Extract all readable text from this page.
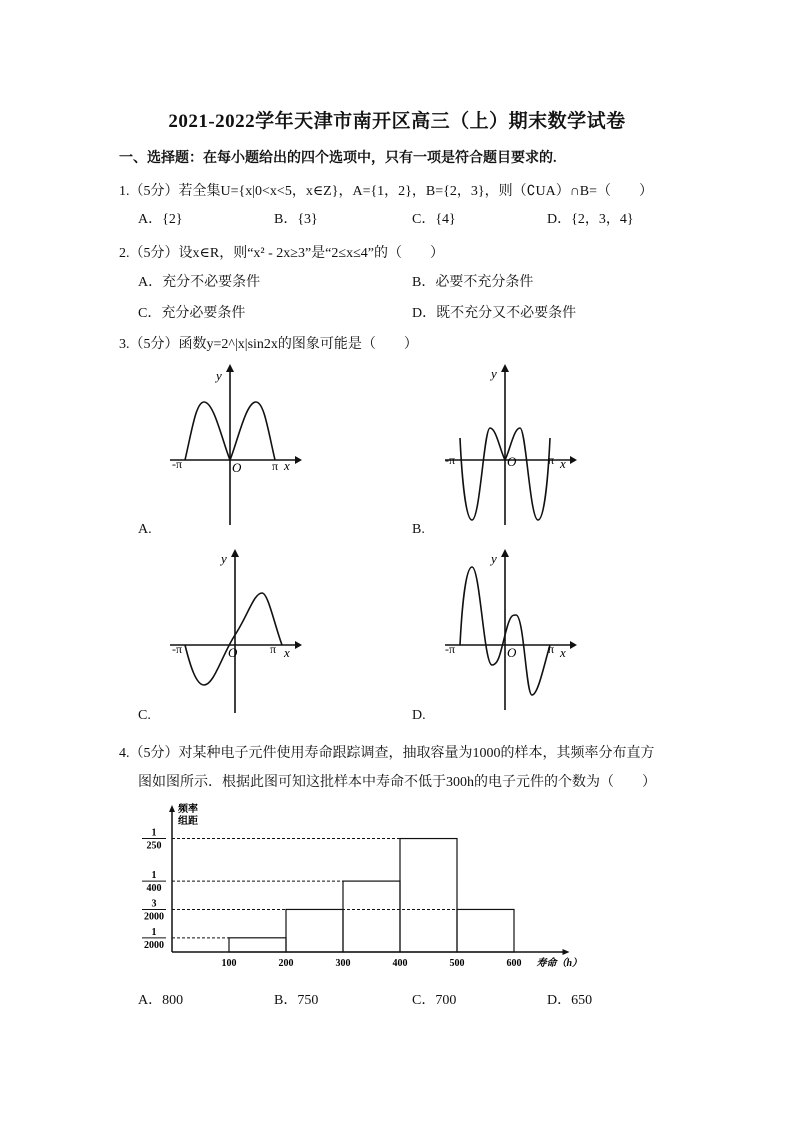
2021-2022学年天津市南开区高三（上）期末数学试卷
一、选择题：在每小题给出的四个选项中，只有一项是符合题目要求的.
1.（5分）若全集U={x|0<x<5，x∈Z}，A={1，2}，B={2，3}，则（∁UA）∩B=（　　）
A．{2}	B．{3}	C．{4}	D．{2，3，4}
2.（5分）设x∈R，则“x² - 2x≥3”是“2≤x≤4”的（　　）
A．充分不必要条件	B．必要不充分条件
C．充分必要条件	D．既不充分又不必要条件
3.（5分）函数y=2^|x|sin2x的图象可能是（　　）
y
-π	O	π x
A.
y
-π	O	π x
B.
y
-π	O	π x
C.
y
-π	O	π x
D.
4.（5分）对某种电子元件使用寿命跟踪调查，抽取容量为1000的样本，其频率分布直方
图如图所示．根据此图可知这批样本中寿命不低于300h的电子元件的个数为（　　）
频率
组距
1
2000
3
2000
1
400
1
250
100	200	300	400	500	600 寿命（h）
A．800	B．750	C．700	D．650
